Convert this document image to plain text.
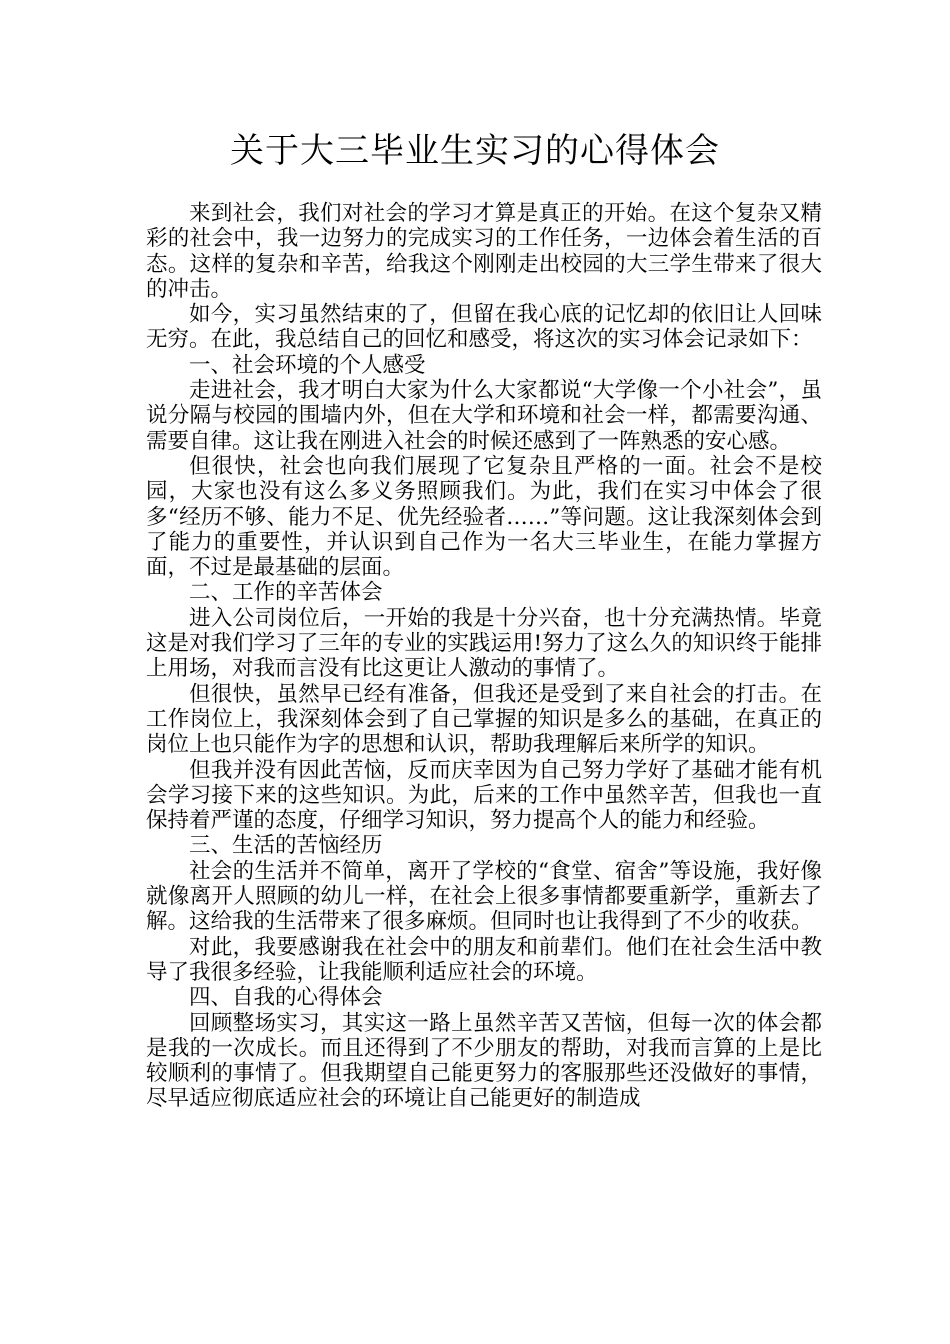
关于大三毕业生实习的心得体会

来到社会，我们对社会的学习才算是真正的开始。在这个复杂又精彩的社会中，我一边努力的完成实习的工作任务，一边体会着生活的百态。这样的复杂和辛苦，给我这个刚刚走出校园的大三学生带来了很大的冲击。

如今，实习虽然结束的了，但留在我心底的记忆却的依旧让人回味无穷。在此，我总结自己的回忆和感受，将这次的实习体会记录如下：

一、社会环境的个人感受

走进社会，我才明白大家为什么大家都说“大学像一个小社会”，虽说分隔与校园的围墙内外，但在大学和环境和社会一样，都需要沟通、需要自律。这让我在刚进入社会的时候还感到了一阵熟悉的安心感。

但很快，社会也向我们展现了它复杂且严格的一面。社会不是校园，大家也没有这么多义务照顾我们。为此，我们在实习中体会了很多“经历不够、能力不足、优先经验者……”等问题。这让我深刻体会到了能力的重要性，并认识到自己作为一名大三毕业生，在能力掌握方面，不过是最基础的层面。

二、工作的辛苦体会

进入公司岗位后，一开始的我是十分兴奋，也十分充满热情。毕竟这是对我们学习了三年的专业的实践运用!努力了这么久的知识终于能排上用场，对我而言没有比这更让人激动的事情了。

但很快，虽然早已经有准备，但我还是受到了来自社会的打击。在工作岗位上，我深刻体会到了自己掌握的知识是多么的基础，在真正的岗位上也只能作为字的思想和认识，帮助我理解后来所学的知识。

但我并没有因此苦恼，反而庆幸因为自己努力学好了基础才能有机会学习接下来的这些知识。为此，后来的工作中虽然辛苦，但我也一直保持着严谨的态度，仔细学习知识，努力提高个人的能力和经验。

三、生活的苦恼经历

社会的生活并不简单，离开了学校的“食堂、宿舍”等设施，我好像就像离开人照顾的幼儿一样，在社会上很多事情都要重新学，重新去了解。这给我的生活带来了很多麻烦。但同时也让我得到了不少的收获。

对此，我要感谢我在社会中的朋友和前辈们。他们在社会生活中教导了我很多经验，让我能顺利适应社会的环境。

四、自我的心得体会

回顾整场实习，其实这一路上虽然辛苦又苦恼，但每一次的体会都是我的一次成长。而且还得到了不少朋友的帮助，对我而言算的上是比较顺利的事情了。但我期望自己能更努力的客服那些还没做好的事情，尽早适应彻底适应社会的环境让自己能更好的制造成
